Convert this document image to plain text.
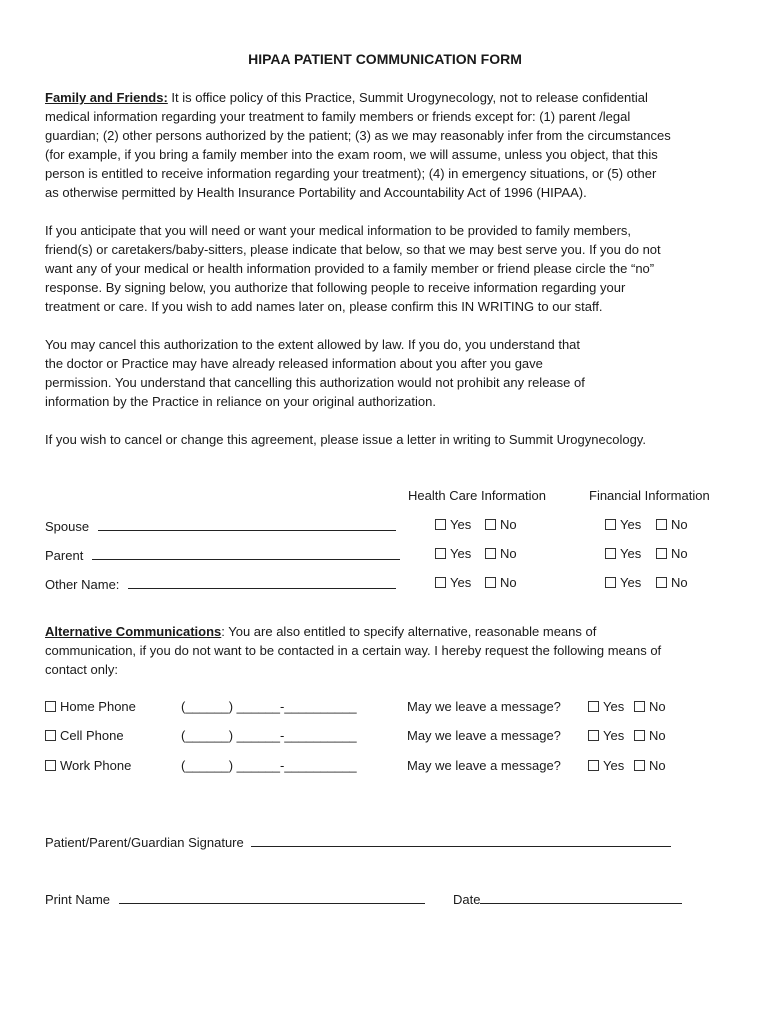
HIPAA PATIENT COMMUNICATION FORM
Family and Friends: It is office policy of this Practice, Summit Urogynecology, not to release confidential
medical information regarding your treatment to family members or friends except for: (1) parent /legal
guardian; (2) other persons authorized by the patient; (3) as we may reasonably infer from the circumstances
(for example, if you bring a family member into the exam room, we will assume, unless you object, that this
person is entitled to receive information regarding your treatment); (4) in emergency situations, or (5) other
as otherwise permitted by Health Insurance Portability and Accountability Act of 1996 (HIPAA).
If you anticipate that you will need or want your medical information to be provided to family members,
friend(s) or caretakers/baby-sitters, please indicate that below, so that we may best serve you. If you do not
want any of your medical or health information provided to a family member or friend please circle the “no”
response. By signing below, you authorize that following people to receive information regarding your
treatment or care. If you wish to add names later on, please confirm this IN WRITING to our staff.
You may cancel this authorization to the extent allowed by law. If you do, you understand that
the doctor or Practice may have already released information about you after you gave
permission. You understand that cancelling this authorization would not prohibit any release of
information by the Practice in reliance on your original authorization.
If you wish to cancel or change this agreement, please issue a letter in writing to Summit Urogynecology.
Health Care Information	Financial Information
Spouse	Yes	No	Yes	No
Parent	Yes	No	Yes	No
Other Name:	Yes	No	Yes	No
Alternative Communications: You are also entitled to specify alternative, reasonable means of
communication, if you do not want to be contacted in a certain way. I hereby request the following means of
contact only:
Home Phone	(______) ______-__________	May we leave a message?	Yes	No
Cell Phone	(______) ______-__________	May we leave a message?	Yes	No
Work Phone	(______) ______-__________	May we leave a message?	Yes	No
Patient/Parent/Guardian Signature
Print Name	Date
